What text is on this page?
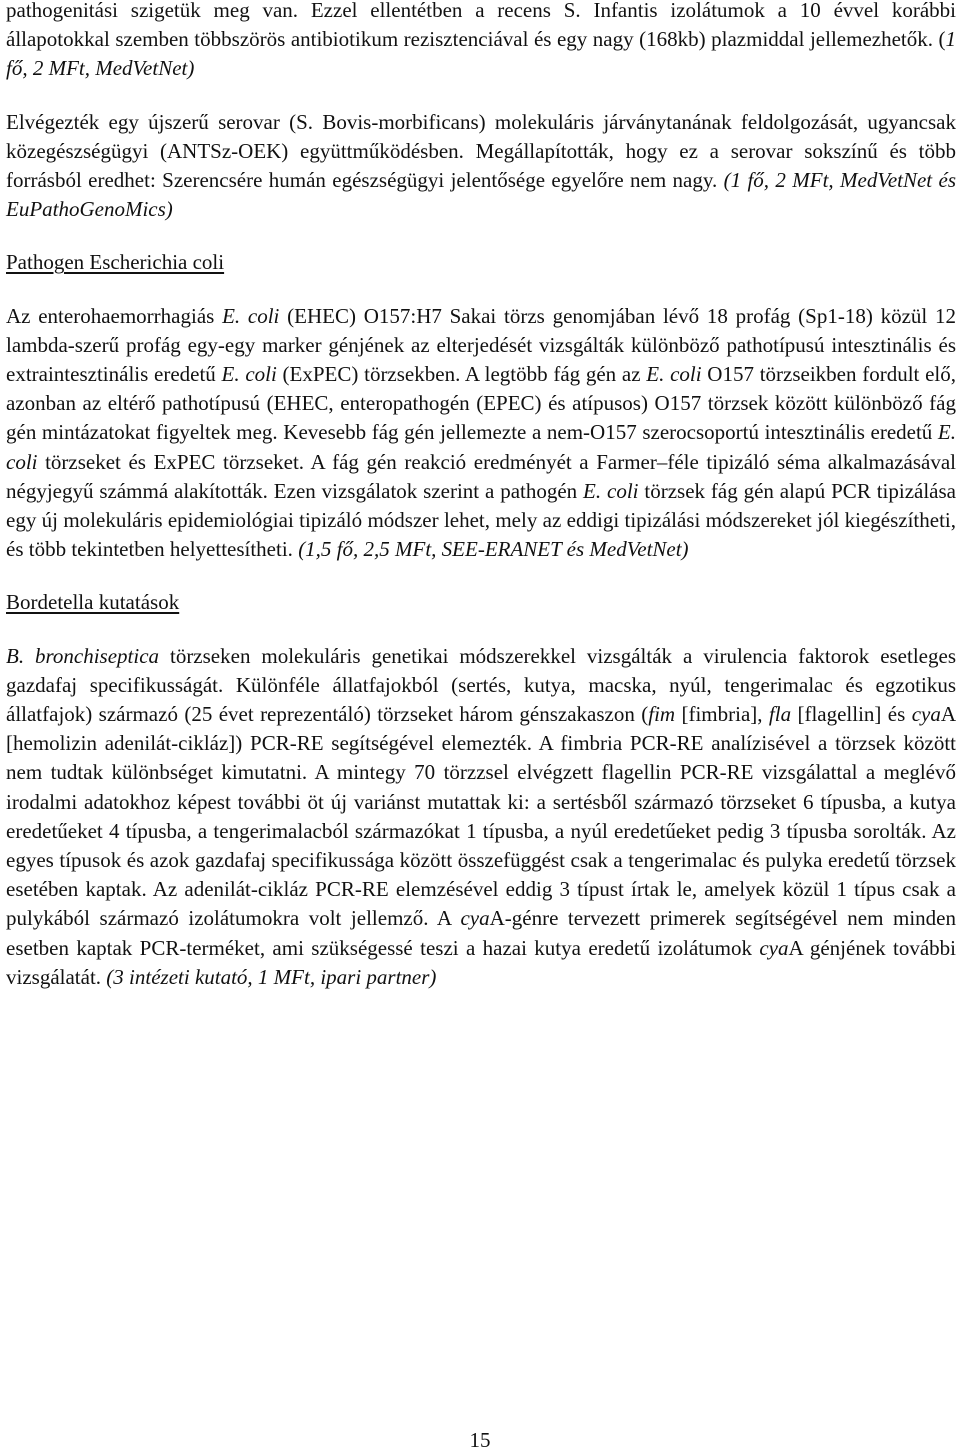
pathogenitási szigetük meg van. Ezzel ellentétben a recens S. Infantis izolátumok a 10 évvel korábbi állapotokkal szemben többszörös antibiotikum rezisztenciával és egy nagy (168kb) plazmiddal jellemezhetők. (1 fő, 2 MFt, MedVetNet)

Elvégezték egy újszerű serovar (S. Bovis-morbificans) molekuláris járványtanának feldolgozását, ugyancsak közegészségügyi (ANTSz-OEK) együttműködésben. Megállapították, hogy ez a serovar sokszínű és több forrásból eredhet: Szerencsére humán egészségügyi jelentősége egyelőre nem nagy. (1 fő, 2 MFt, MedVetNet és EuPathoGenoMics)

Pathogen Escherichia coli

Az enterohaemorrhagiás E. coli (EHEC) O157:H7 Sakai törzs genomjában lévő 18 profág (Sp1-18) közül 12 lambda-szerű profág egy-egy marker génjének az elterjedését vizsgálták különböző pathotípusú intesztinális és extraintesztinális eredetű E. coli (ExPEC) törzsekben. A legtöbb fág gén az E. coli O157 törzseikben fordult elő, azonban az eltérő pathotípusú (EHEC, enteropathogén (EPEC) és atípusos) O157 törzsek között különböző fág gén mintázatokat figyeltek meg. Kevesebb fág gén jellemezte a nem-O157 szerocsoportú intesztinális eredetű E. coli törzseket és ExPEC törzseket. A fág gén reakció eredményét a Farmer–féle tipizáló séma alkalmazásával négyjegyű számmá alakították. Ezen vizsgálatok szerint a pathogén E. coli törzsek fág gén alapú PCR tipizálása egy új molekuláris epidemiológiai tipizáló módszer lehet, mely az eddigi tipizálási módszereket jól kiegészítheti, és több tekintetben helyettesítheti. (1,5 fő, 2,5 MFt, SEE-ERANET és MedVetNet)

Bordetella kutatások

B. bronchiseptica törzseken molekuláris genetikai módszerekkel vizsgálták a virulencia faktorok esetleges gazdafaj specifikusságát. Különféle állatfajokból (sertés, kutya, macska, nyúl, tengerimalac és egzotikus állatfajok) származó (25 évet reprezentáló) törzseket három génszakaszon (fim [fimbria], fla [flagellin] és cyaA [hemolizin adenilát-cikláz]) PCR-RE segítségével elemezték. A fimbria PCR-RE analízisével a törzsek között nem tudtak különbséget kimutatni. A mintegy 70 törzzsel elvégzett flagellin PCR-RE vizsgálattal a meglévő irodalmi adatokhoz képest további öt új variánst mutattak ki: a sertésből származó törzseket 6 típusba, a kutya eredetűeket 4 típusba, a tengerimalacból származókat 1 típusba, a nyúl eredetűeket pedig 3 típusba sorolták. Az egyes típusok és azok gazdafaj specifikussága között összefüggést csak a tengerimalac és pulyka eredetű törzsek esetében kaptak. Az adenilát-cikláz PCR-RE elemzésével eddig 3 típust írtak le, amelyek közül 1 típus csak a pulykából származó izolátumokra volt jellemző. A cyaA-génre tervezett primerek segítségével nem minden esetben kaptak PCR-terméket, ami szükségessé teszi a hazai kutya eredetű izolátumok cyaA génjének további vizsgálatát. (3 intézeti kutató, 1 MFt, ipari partner)

15
